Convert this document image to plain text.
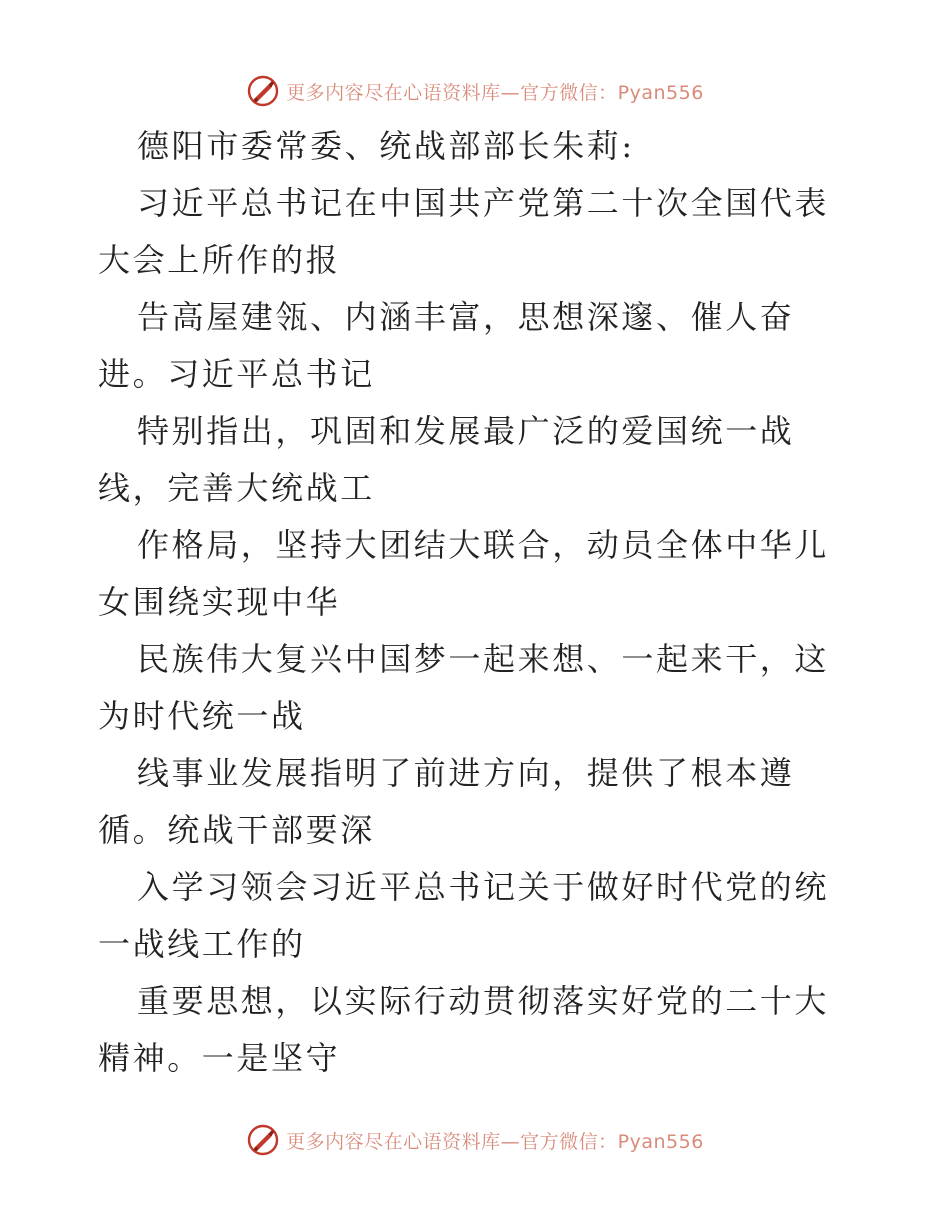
更多内容尽在心语资料库—官方微信：Pyan556

德阳市委常委、统战部部长朱莉:

习近平总书记在中国共产党第二十次全国代表大会上所作的报

告高屋建瓴、内涵丰富，思想深邃、催人奋进。习近平总书记

特别指出，巩固和发展最广泛的爱国统一战线，完善大统战工

作格局，坚持大团结大联合，动员全体中华儿女围绕实现中华

民族伟大复兴中国梦一起来想、一起来干，这为时代统一战

线事业发展指明了前进方向，提供了根本遵循。统战干部要深

入学习领会习近平总书记关于做好时代党的统一战线工作的

重要思想，以实际行动贯彻落实好党的二十大精神。一是坚守

更多内容尽在心语资料库—官方微信：Pyan556
